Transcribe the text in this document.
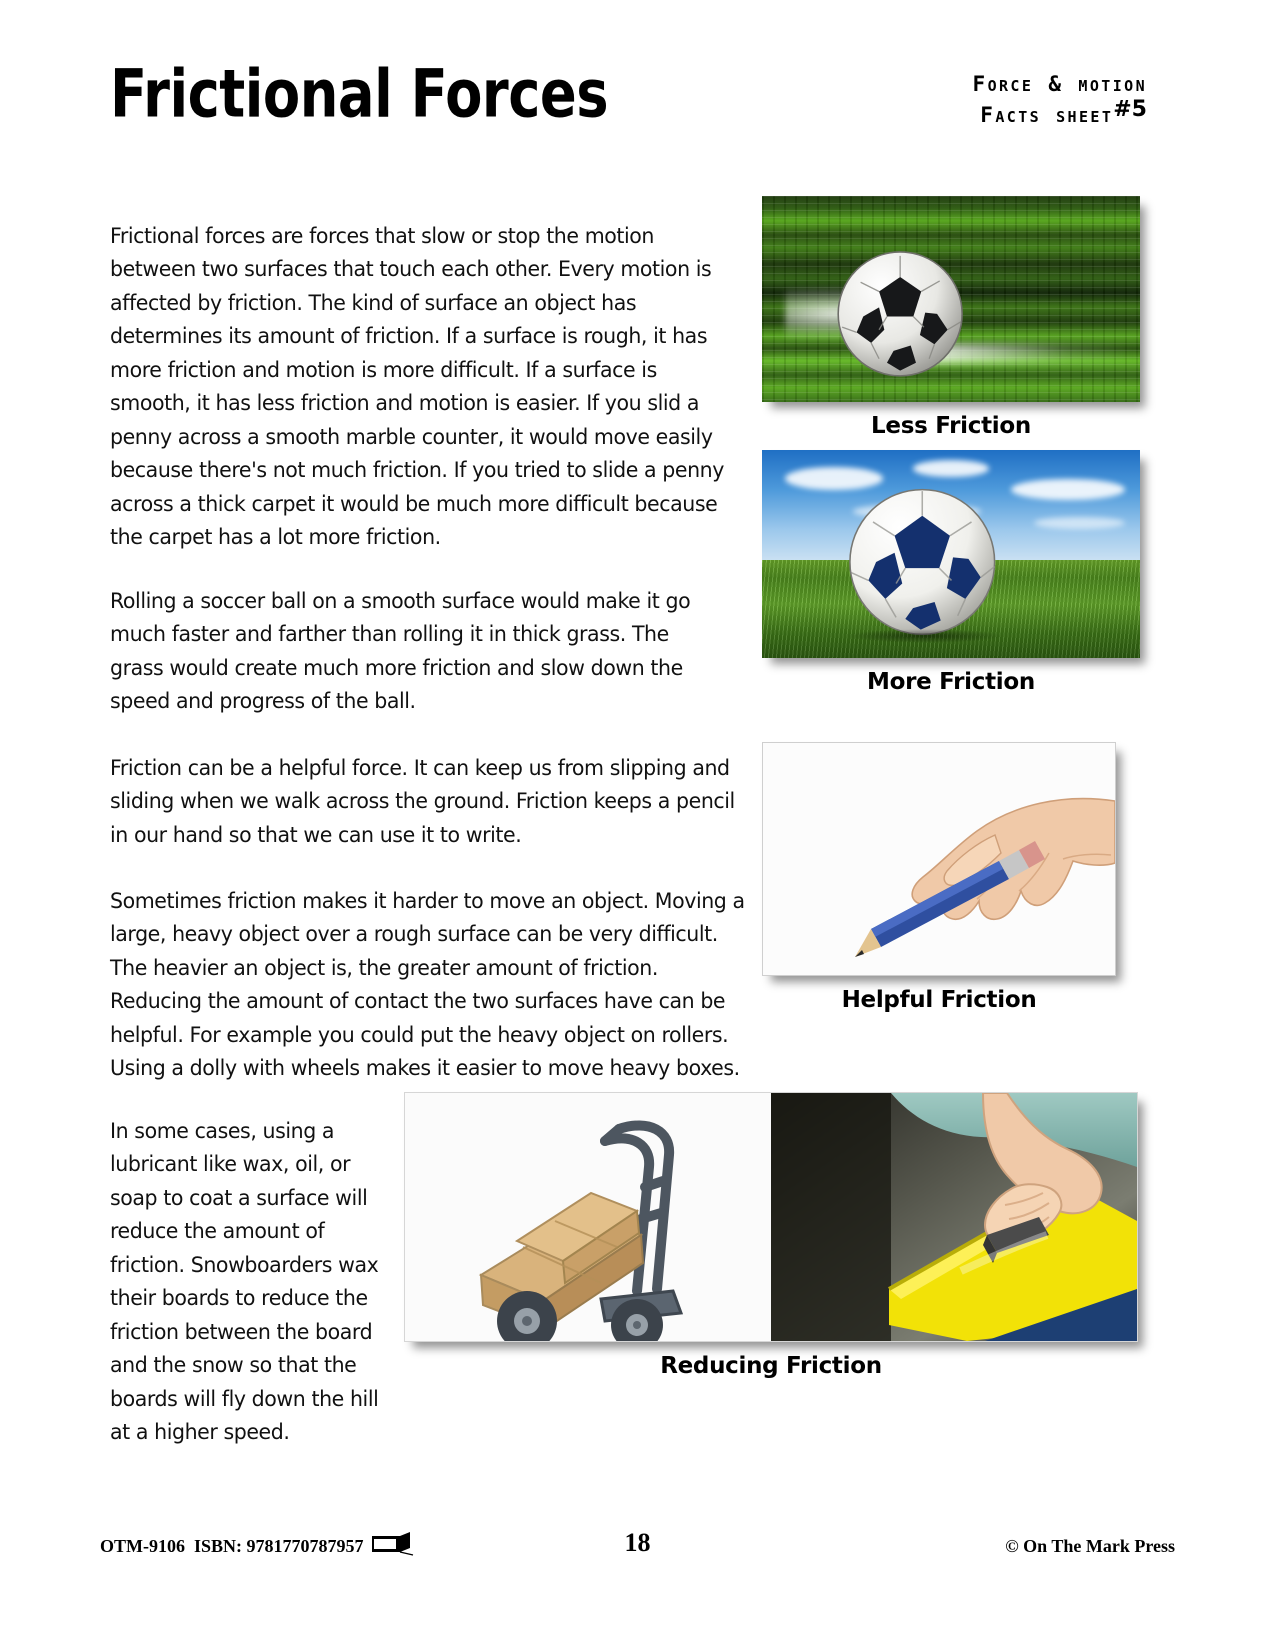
Frictional Forces	force & motion
Facts sheet#5

Frictional forces are forces that slow or stop the motion between two surfaces that touch each other. Every motion is affected by friction. The kind of surface an object has determines its amount of friction. If a surface is rough, it has more friction and motion is more difficult. If a surface is smooth, it has less friction and motion is easier. If you slid a penny across a smooth marble counter, it would move easily because there's not much friction. If you tried to slide a penny across a thick carpet it would be much more difficult because the carpet has a lot more friction.

Rolling a soccer ball on a smooth surface would make it go much faster and farther than rolling it in thick grass. The grass would create much more friction and slow down the speed and progress of the ball.

Friction can be a helpful force. It can keep us from slipping and sliding when we walk across the ground. Friction keeps a pencil in our hand so that we can use it to write.

Sometimes friction makes it harder to move an object. Moving a large, heavy object over a rough surface can be very difficult. The heavier an object is, the greater amount of friction. Reducing the amount of contact the two surfaces have can be helpful. For example you could put the heavy object on rollers. Using a dolly with wheels makes it easier to move heavy boxes.

In some cases, using a lubricant like wax, oil, or soap to coat a surface will reduce the amount of friction. Snowboarders wax their boards to reduce the friction between the board and the snow so that the boards will fly down the hill at a higher speed.

Less Friction
More Friction
Helpful Friction
Reducing Friction
OTM-9106 ISBN: 9781770787957	18	© On The Mark Press
